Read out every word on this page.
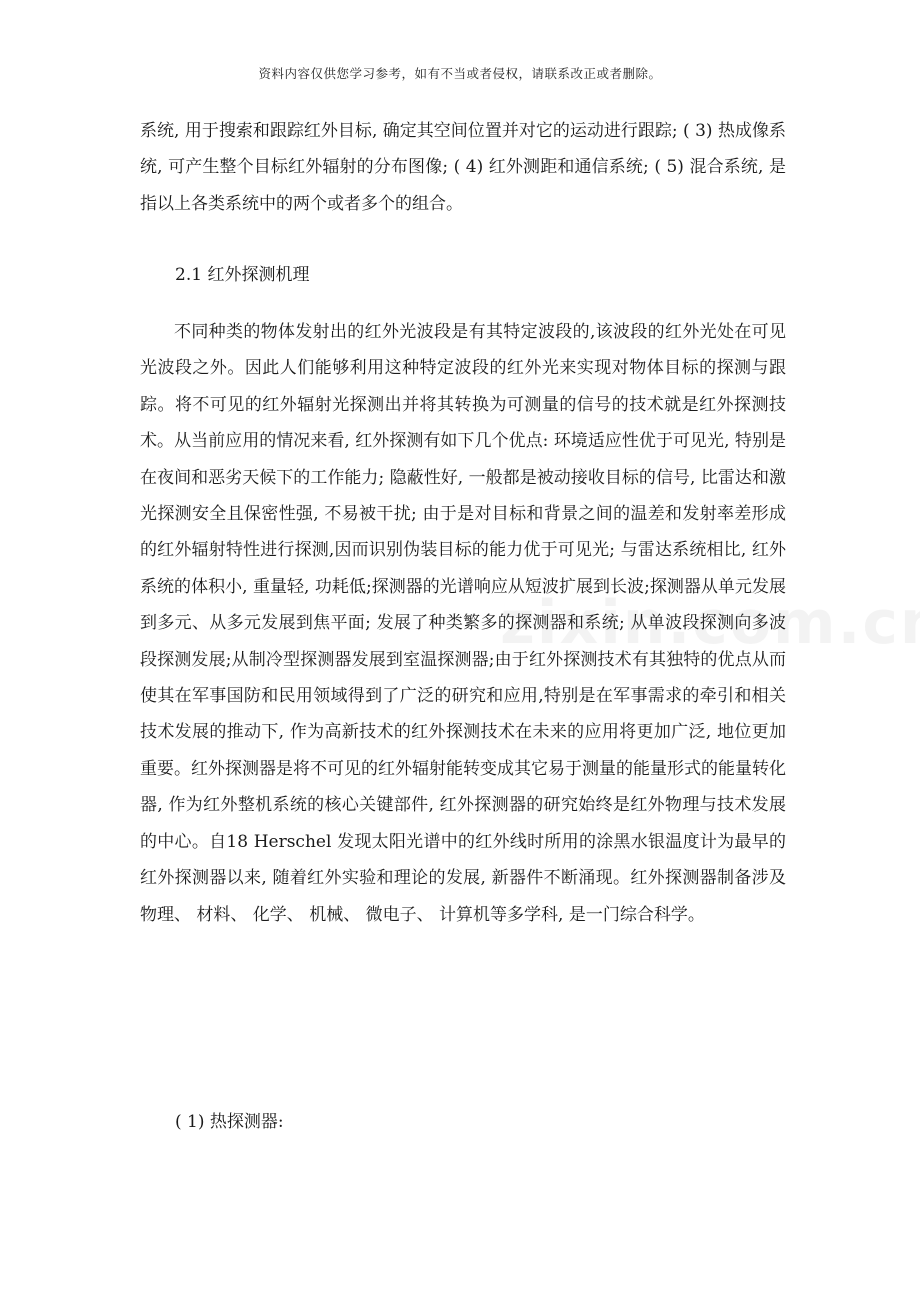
资料内容仅供您学习参考，如有不当或者侵权，请联系改正或者删除。

系统, 用于搜索和跟踪红外目标, 确定其空间位置并对它的运动进行跟踪; ( 3) 热成像系统, 可产生整个目标红外辐射的分布图像; ( 4) 红外测距和通信系统; ( 5) 混合系统, 是指以上各类系统中的两个或者多个的组合。

2.1 红外探测机理

不同种类的物体发射出的红外光波段是有其特定波段的,该波段的红外光处在可见光波段之外。因此人们能够利用这种特定波段的红外光来实现对物体目标的探测与跟踪。将不可见的红外辐射光探测出并将其转换为可测量的信号的技术就是红外探测技术。从当前应用的情况来看, 红外探测有如下几个优点: 环境适应性优于可见光, 特别是在夜间和恶劣天候下的工作能力; 隐蔽性好, 一般都是被动接收目标的信号, 比雷达和激光探测安全且保密性强, 不易被干扰; 由于是对目标和背景之间的温差和发射率差形成的红外辐射特性进行探测,因而识别伪装目标的能力优于可见光; 与雷达系统相比, 红外系统的体积小, 重量轻, 功耗低;探测器的光谱响应从短波扩展到长波;探测器从单元发展到多元、从多元发展到焦平面; 发展了种类繁多的探测器和系统; 从单波段探测向多波段探测发展;从制冷型探测器发展到室温探测器;由于红外探测技术有其独特的优点从而使其在军事国防和民用领域得到了广泛的研究和应用,特别是在军事需求的牵引和相关技术发展的推动下, 作为高新技术的红外探测技术在未来的应用将更加广泛, 地位更加重要。红外探测器是将不可见的红外辐射能转变成其它易于测量的能量形式的能量转化器, 作为红外整机系统的核心关键部件, 红外探测器的研究始终是红外物理与技术发展的中心。自18 Herschel 发现太阳光谱中的红外线时所用的涂黑水银温度计为最早的红外探测器以来, 随着红外实验和理论的发展, 新器件不断涌现。红外探测器制备涉及物理、 材料、 化学、 机械、 微电子、 计算机等多学科, 是一门综合科学。

( 1) 热探测器:
